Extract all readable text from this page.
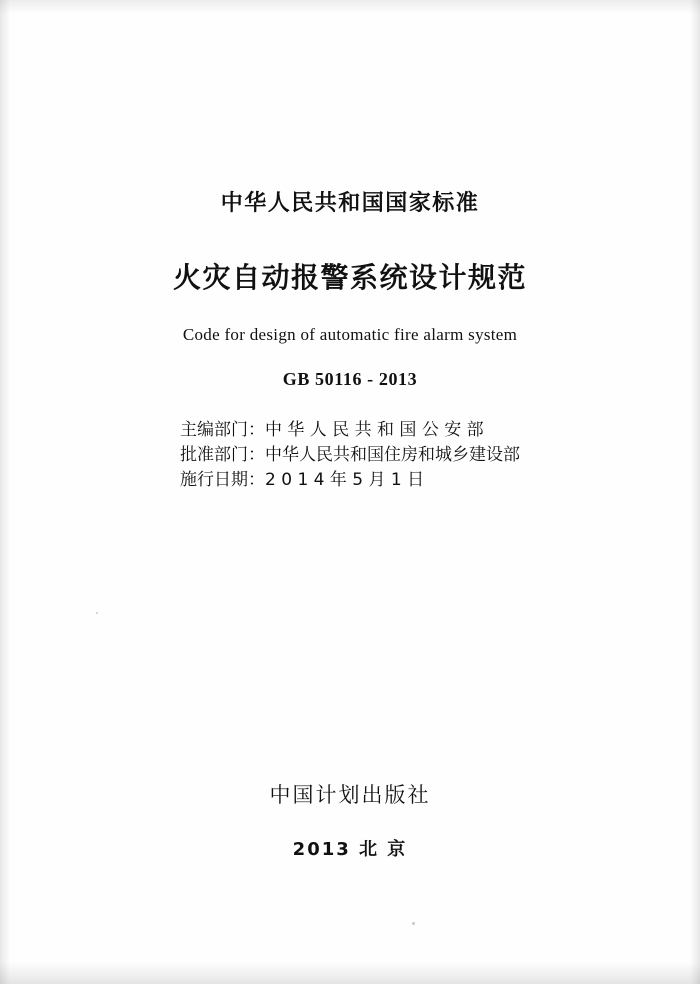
中华人民共和国国家标准
火灾自动报警系统设计规范
Code for design of automatic fire alarm system
GB 50116 - 2013
主编部门：中 华 人 民 共 和 国 公 安 部
批准部门：中华人民共和国住房和城乡建设部
施行日期：2 0 1 4 年 5 月 1 日
中国计划出版社
2013 北 京
